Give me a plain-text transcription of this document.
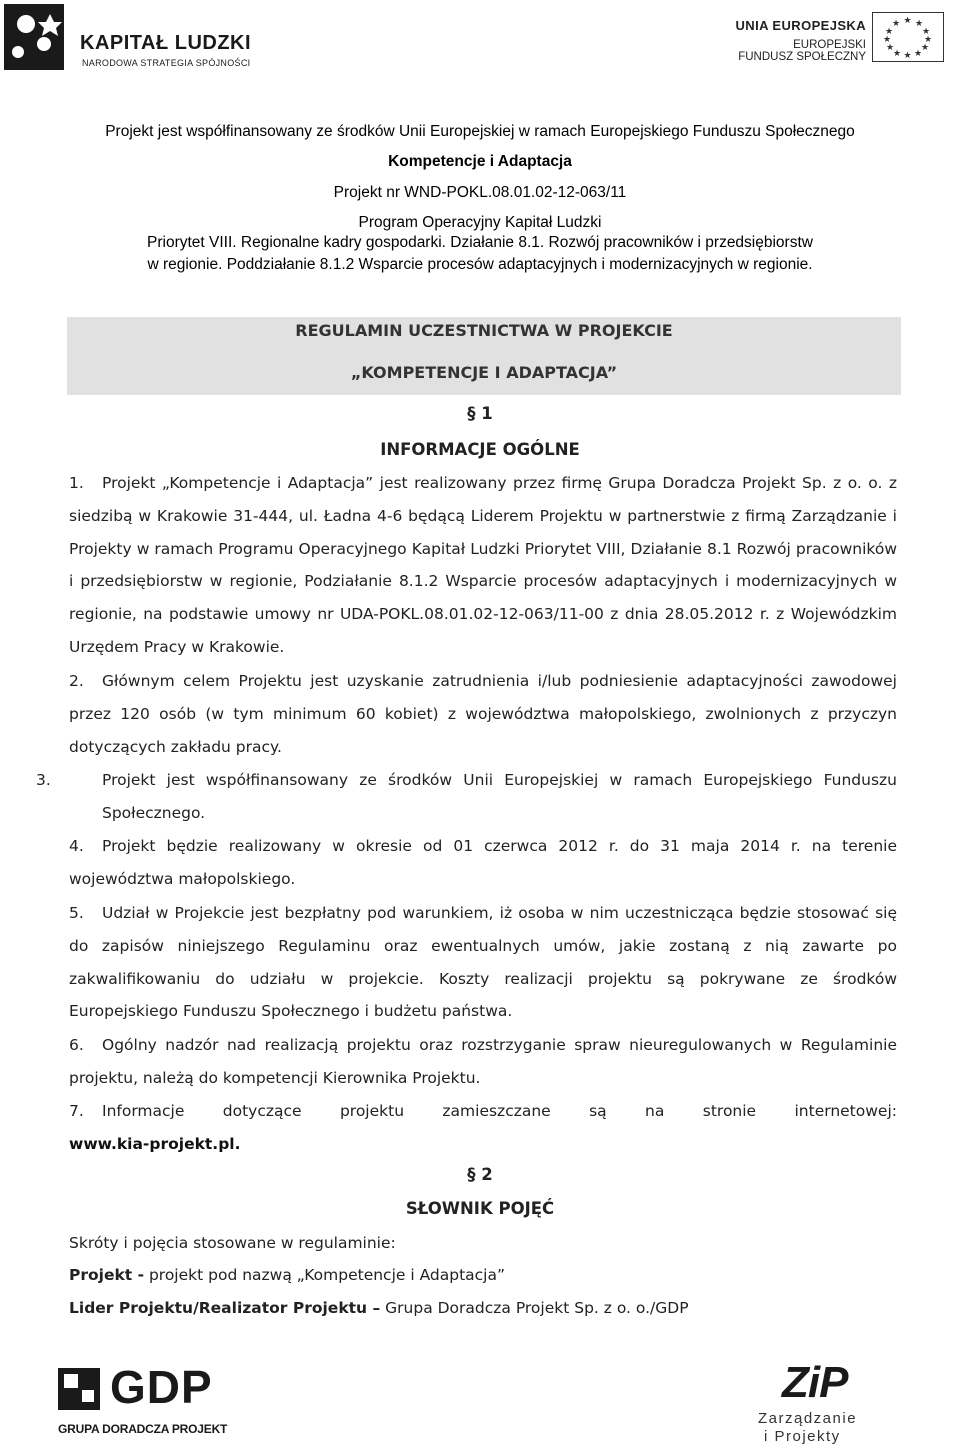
KAPITAŁ LUDZKI
NARODOWA STRATEGIA SPÓJNOŚCI
UNIA EUROPEJSKA
EUROPEJSKI
FUNDUSZ SPOŁECZNY
★ ★
★
★
★
★
★
★
★
★
★
★
Projekt jest współfinansowany ze środków Unii Europejskiej w ramach Europejskiego Funduszu Społecznego
Kompetencje i Adaptacja
Projekt nr WND-POKL.08.01.02-12-063/11
Program Operacyjny Kapitał Ludzki
Priorytet VIII. Regionalne kadry gospodarki. Działanie 8.1. Rozwój pracowników i przedsiębiorstw
w regionie. Poddziałanie 8.1.2 Wsparcie procesów adaptacyjnych i modernizacyjnych w regionie.
REGULAMIN UCZESTNICTWA W PROJEKCIE
„KOMPETENCJE I ADAPTACJA”
§ 1
INFORMACJE OGÓLNE
1. Projekt „Kompetencje i Adaptacja” jest realizowany przez firmę Grupa Doradcza Projekt Sp. z o. o. z siedzibą w Krakowie 31-444, ul. Ładna 4-6 będącą Liderem Projektu w partnerstwie z firmą Zarządzanie i Projekty w ramach Programu Operacyjnego Kapitał Ludzki Priorytet VIII, Działanie 8.1 Rozwój pracowników i przedsiębiorstw w regionie, Podziałanie 8.1.2 Wsparcie procesów adaptacyjnych i modernizacyjnych w regionie, na podstawie umowy nr UDA-POKL.08.01.02-12-063/11-00 z dnia 28.05.2012 r. z Wojewódzkim Urzędem Pracy w Krakowie.
2. Głównym celem Projektu jest uzyskanie zatrudnienia i/lub podniesienie adaptacyjności zawodowej przez 120 osób (w tym minimum 60 kobiet) z województwa małopolskiego, zwolnionych z przyczyn dotyczących zakładu pracy.
3.	Projekt jest współfinansowany ze środków Unii Europejskiej w ramach Europejskiego Funduszu Społecznego.
4. Projekt będzie realizowany w okresie od 01 czerwca 2012 r. do 31 maja 2014 r. na terenie województwa małopolskiego.
5. Udział w Projekcie jest bezpłatny pod warunkiem, iż osoba w nim uczestnicząca będzie stosować się do zapisów niniejszego Regulaminu oraz ewentualnych umów, jakie zostaną z nią zawarte po zakwalifikowaniu do udziału w projekcie. Koszty realizacji projektu są pokrywane ze środków Europejskiego Funduszu Społecznego i budżetu państwa.
6. Ogólny nadzór nad realizacją projektu oraz rozstrzyganie spraw nieuregulowanych w Regulaminie projektu, należą do kompetencji Kierownika Projektu.
7. Informacje dotyczące projektu zamieszczane są na stronie internetowej:
www.kia-projekt.pl.
§ 2
SŁOWNIK POJĘĆ
Skróty i pojęcia stosowane w regulaminie:
Projekt - projekt pod nazwą „Kompetencje i Adaptacja”
Lider Projektu/Realizator Projektu – Grupa Doradcza Projekt Sp. z o. o./GDP
GDP
GRUPA DORADCZA PROJEKT
ZiP
Zarządzanie
i Projekty
